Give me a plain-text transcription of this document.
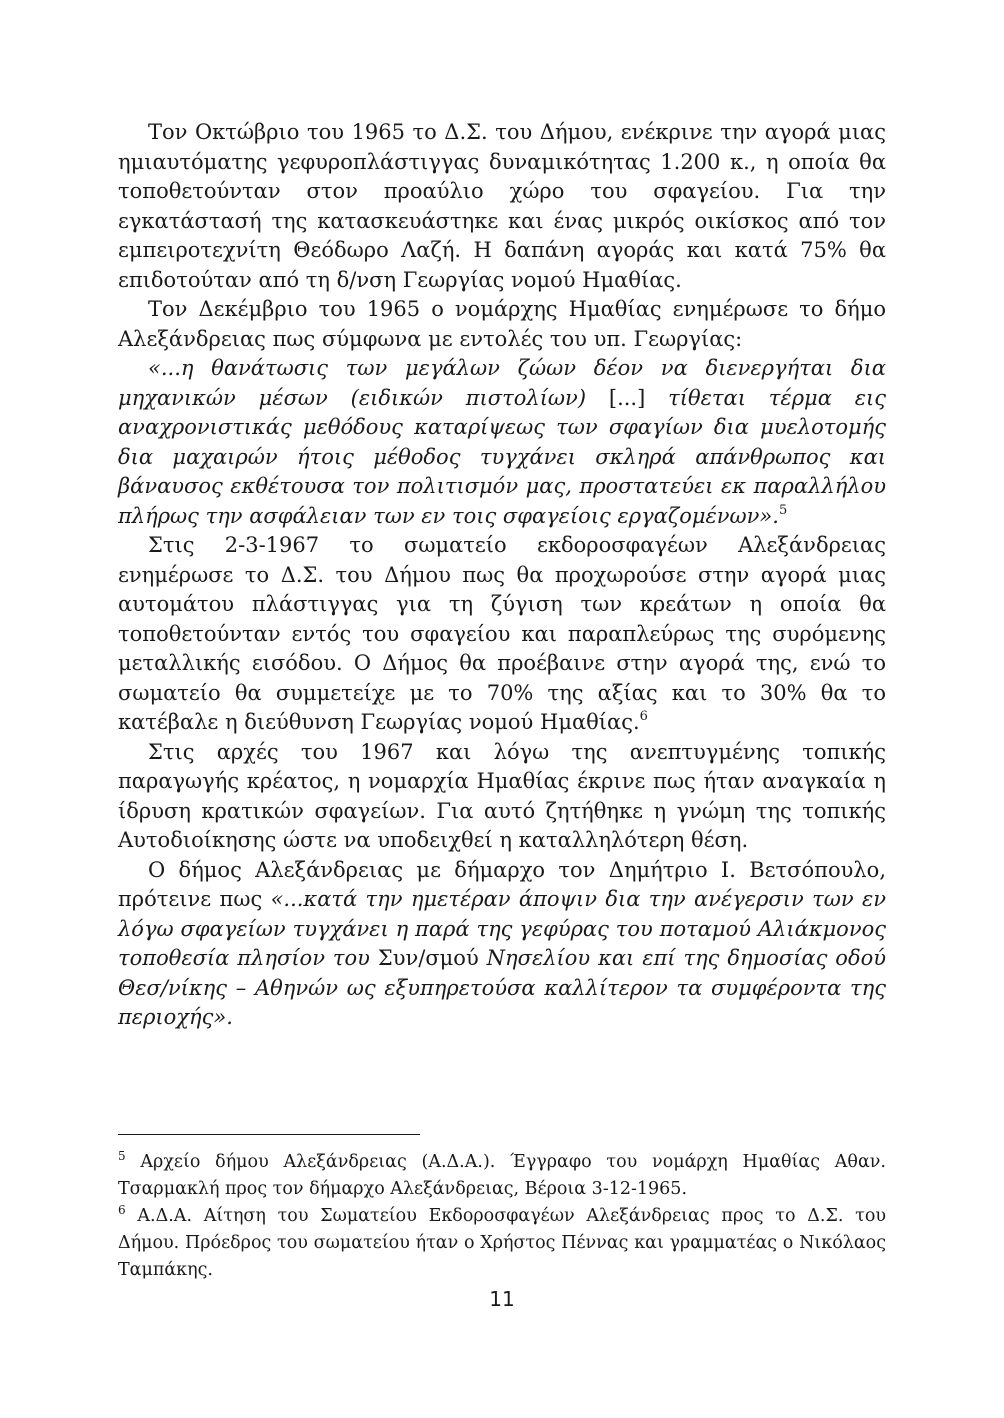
Τον Οκτώβριο του 1965 το Δ.Σ. του Δήμου, ενέκρινε την αγορά μιας ημιαυτόματης γεφυροπλάστιγγας δυναμικότητας 1.200 κ., η οποία θα τοποθετούνταν στον προαύλιο χώρο του σφαγείου. Για την εγκατάστασή της κατασκευάστηκε και ένας μικρός οικίσκος από τον εμπειροτεχνίτη Θεόδωρο Λαζή. Η δαπάνη αγοράς και κατά 75% θα επιδοτούταν από τη δ/νση Γεωργίας νομού Ημαθίας.

Τον Δεκέμβριο του 1965 ο νομάρχης Ημαθίας ενημέρωσε το δήμο Αλεξάνδρειας πως σύμφωνα με εντολές του υπ. Γεωργίας:

«...η θανάτωσις των μεγάλων ζώων δέον να διενεργήται δια μηχανικών μέσων (ειδικών πιστολίων) [...] τίθεται τέρμα εις αναχρονιστικάς μεθόδους καταρίψεως των σφαγίων δια μυελοτομής δια μαχαιρών ήτοις μέθοδος τυγχάνει σκληρά απάνθρωπος και βάναυσος εκθέτουσα τον πολιτισμόν μας, προστατεύει εκ παραλλήλου πλήρως την ασφάλειαν των εν τοις σφαγείοις εργαζομένων».$^5$

Στις 2-3-1967 το σωματείο εκδοροσφαγέων Αλεξάνδρειας ενημέρωσε το Δ.Σ. του Δήμου πως θα προχωρούσε στην αγορά μιας αυτομάτου πλάστιγγας για τη ζύγιση των κρεάτων η οποία θα τοποθετούνταν εντός του σφαγείου και παραπλεύρως της συρόμενης μεταλλικής εισόδου. Ο Δήμος θα προέβαινε στην αγορά της, ενώ το σωματείο θα συμμετείχε με το 70% της αξίας και το 30% θα το κατέβαλε η διεύθυνση Γεωργίας νομού Ημαθίας.$^6$

Στις αρχές του 1967 και λόγω της ανεπτυγμένης τοπικής παραγωγής κρέατος, η νομαρχία Ημαθίας έκρινε πως ήταν αναγκαία η ίδρυση κρατικών σφαγείων. Για αυτό ζητήθηκε η γνώμη της τοπικής Αυτοδιοίκησης ώστε να υποδειχθεί η καταλληλότερη θέση.

Ο δήμος Αλεξάνδρειας με δήμαρχο τον Δημήτριο Ι. Βετσόπουλο, πρότεινε πως «...κατά την ημετέραν άποψιν δια την ανέγερσιν των εν λόγω σφαγείων τυγχάνει η παρά της γεφύρας του ποταμού Αλιάκμονος τοποθεσία πλησίον του Συν/σμού Νησελίου και επί της δημοσίας οδού Θεσ/νίκης – Αθηνών ως εξυπηρετούσα καλλίτερον τα συμφέροντα της περιοχής».

$^5$ Αρχείο δήμου Αλεξάνδρειας (Α.Δ.Α.). Έγγραφο του νομάρχη Ημαθίας Αθαν. Τσαρμακλή προς τον δήμαρχο Αλεξάνδρειας, Βέροια 3-12-1965.

$^6$ Α.Δ.Α. Αίτηση του Σωματείου Εκδοροσφαγέων Αλεξάνδρειας προς το Δ.Σ. του Δήμου. Πρόεδρος του σωματείου ήταν ο Χρήστος Πέννας και γραμματέας ο Νικόλαος Ταμπάκης.

11
